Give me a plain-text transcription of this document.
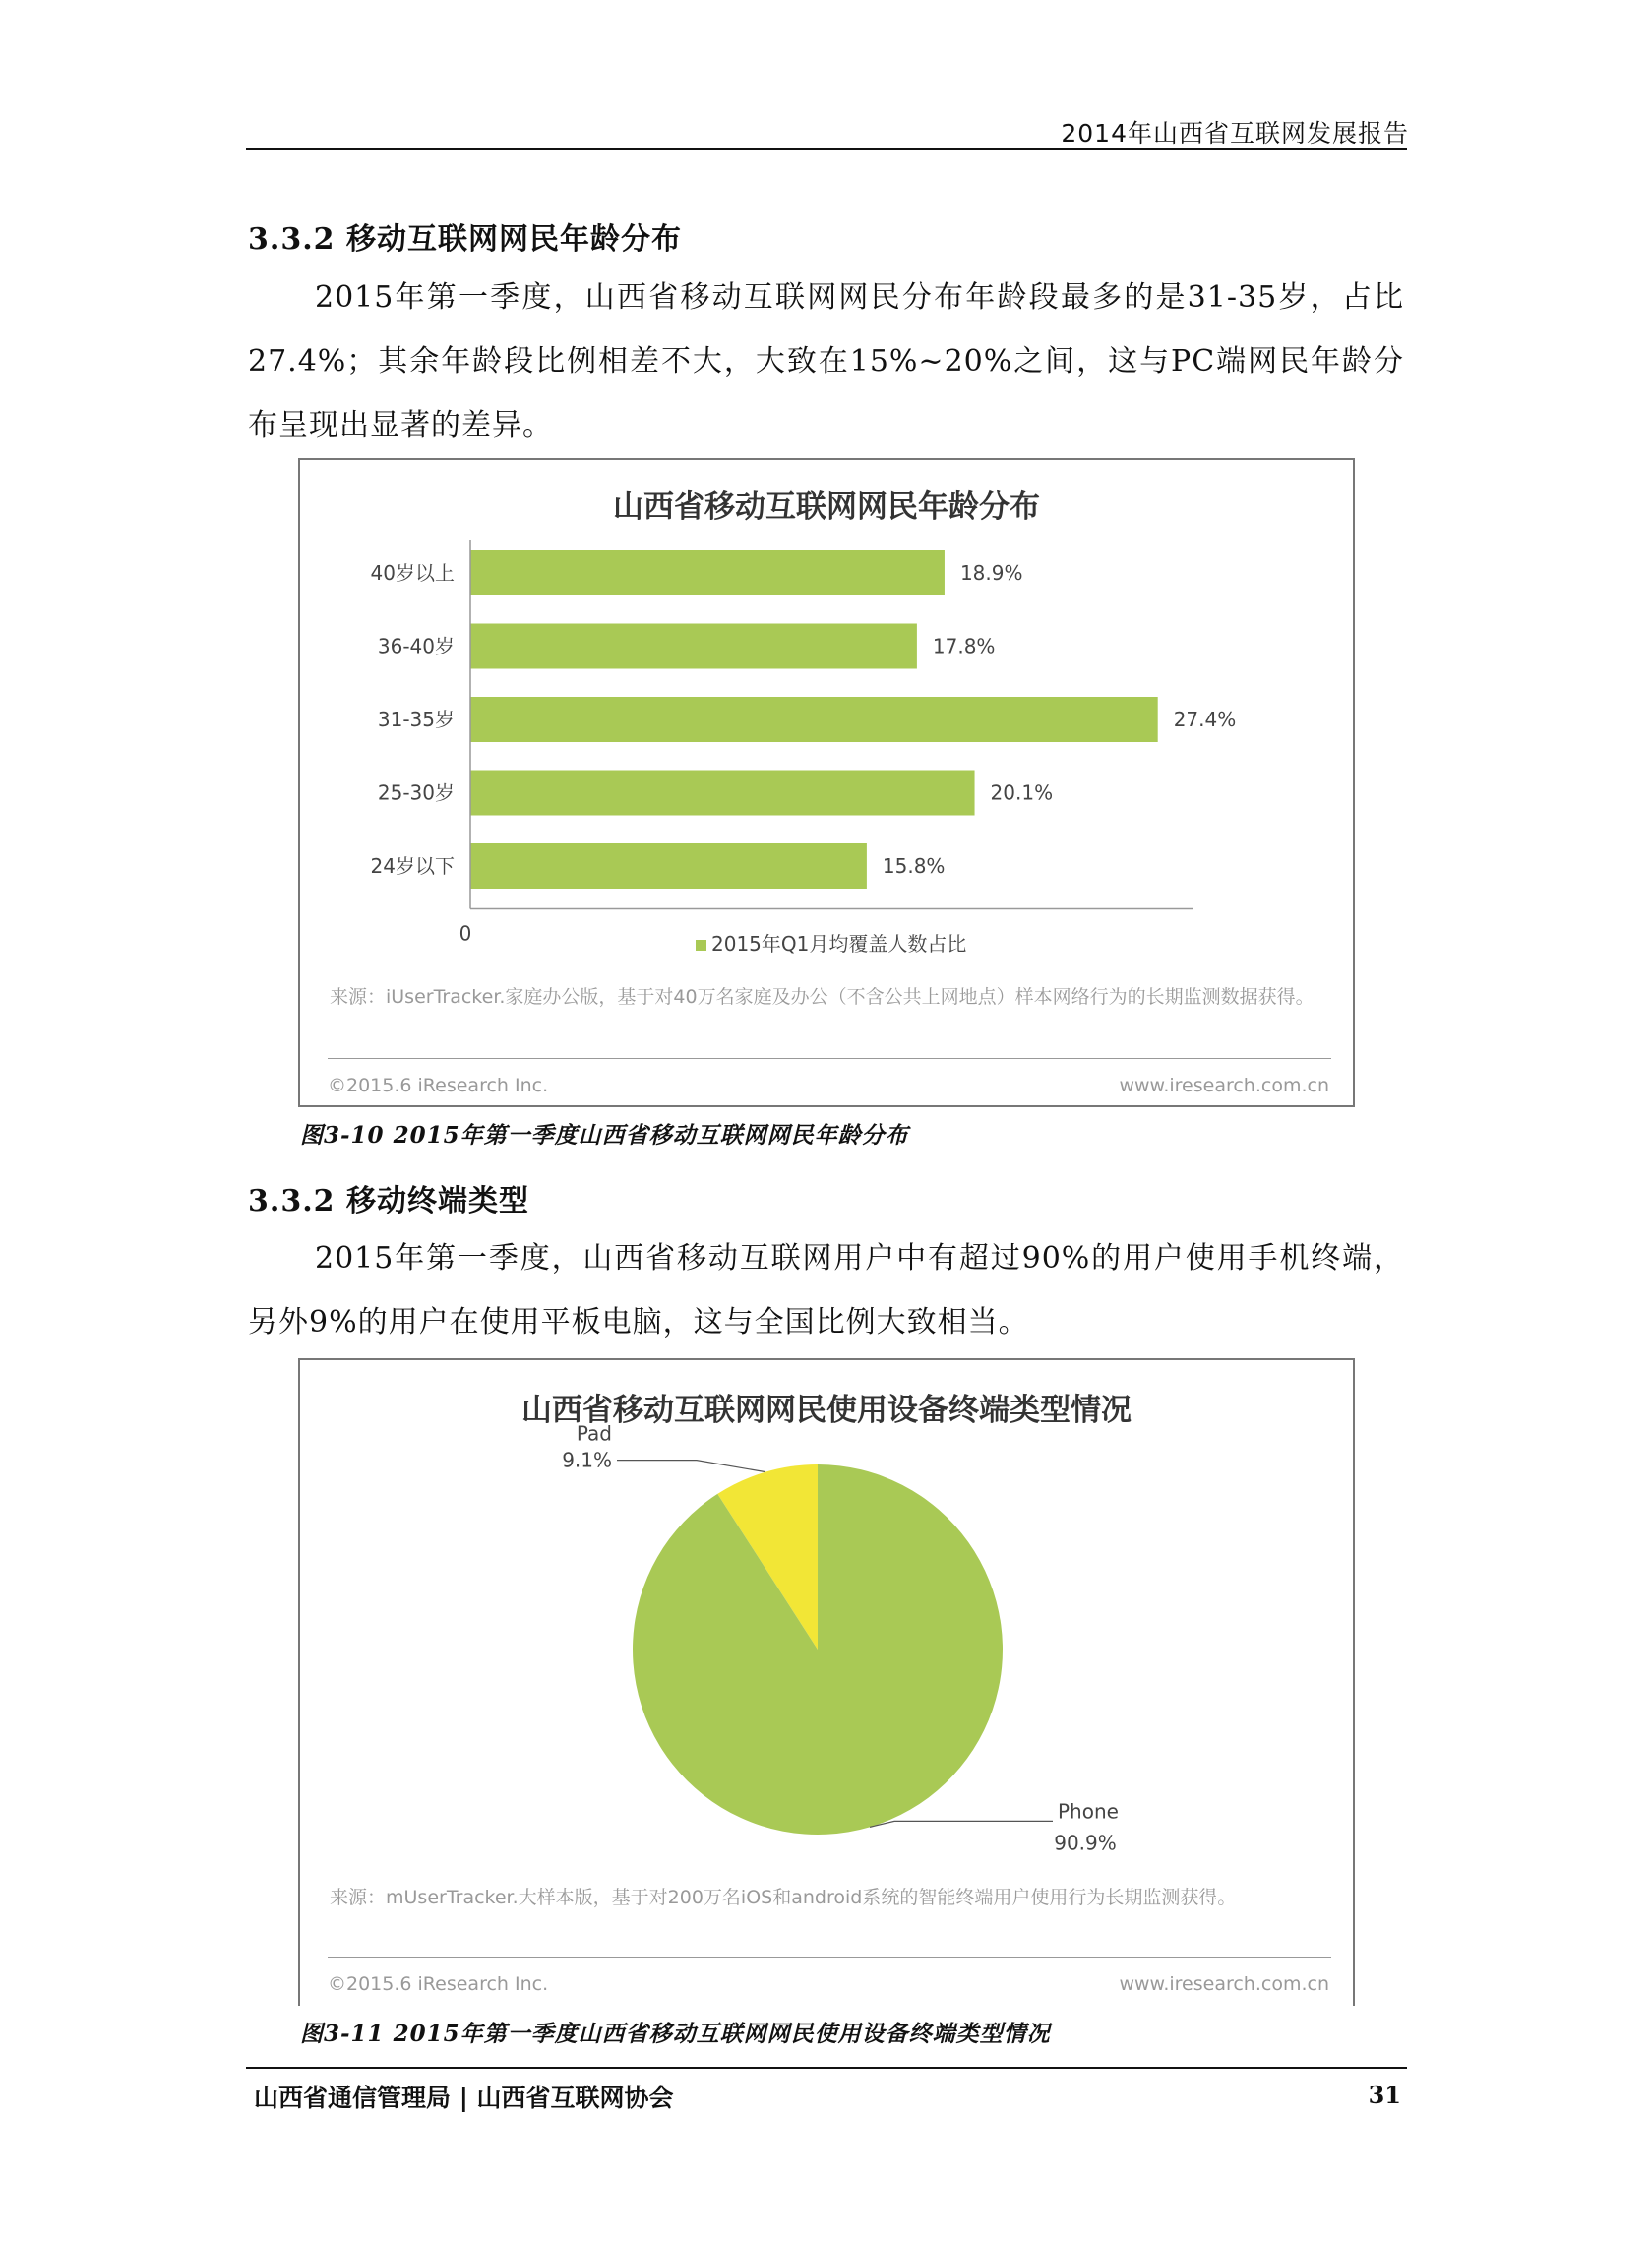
2014年山西省互联网发展报告
3.3.2 移动互联网网民年龄分布
2015年第一季度，山西省移动互联网网民分布年龄段最多的是31-35岁，占比27.4%；其余年龄段比例相差不大，大致在15%~20%之间，这与PC端网民年龄分布呈现出显著的差异。
山西省移动互联网网民年龄分布
40岁以上	18.9%
36-40岁	17.8%
31-35岁	27.4%
25-30岁	20.1%
24岁以下	15.8%
0	2015年Q1月均覆盖人数占比
来源：iUserTracker.家庭办公版，基于对40万名家庭及办公（不含公共上网地点）样本网络行为的长期监测数据获得。
©2015.6 iResearch Inc.	www.iresearch.com.cn
图3-10 2015年第一季度山西省移动互联网网民年龄分布
3.3.2 移动终端类型
2015年第一季度，山西省移动互联网用户中有超过90%的用户使用手机终端，另外9%的用户在使用平板电脑，这与全国比例大致相当。
山西省移动互联网网民使用设备终端类型情况
Pad
9.1%
Phone
90.9%
来源：mUserTracker.大样本版，基于对200万名iOS和android系统的智能终端用户使用行为长期监测获得。
©2015.6 iResearch Inc.	www.iresearch.com.cn
图3-11 2015年第一季度山西省移动互联网网民使用设备终端类型情况
山西省通信管理局 | 山西省互联网协会	31
